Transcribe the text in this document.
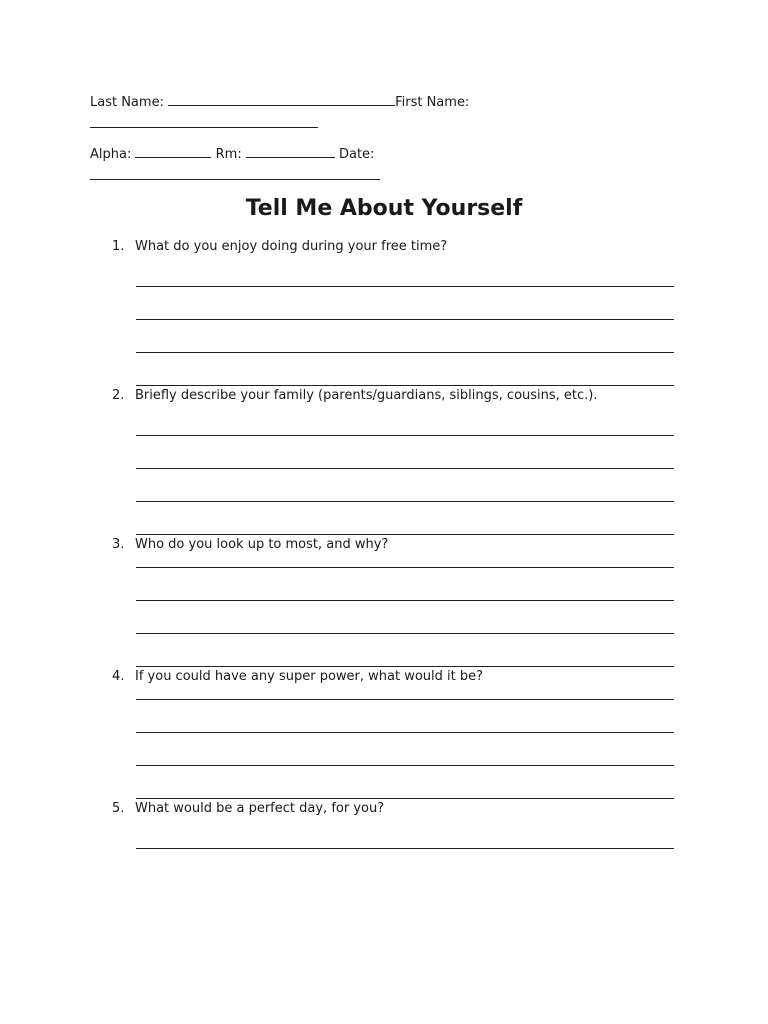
Last Name:	First Name:
Alpha:	Rm:	Date:
Tell Me About Yourself
1. What do you enjoy doing during your free time?
2. Briefly describe your family (parents/guardians, siblings, cousins, etc.).
3. Who do you look up to most, and why?
4. If you could have any super power, what would it be?
5. What would be a perfect day, for you?
